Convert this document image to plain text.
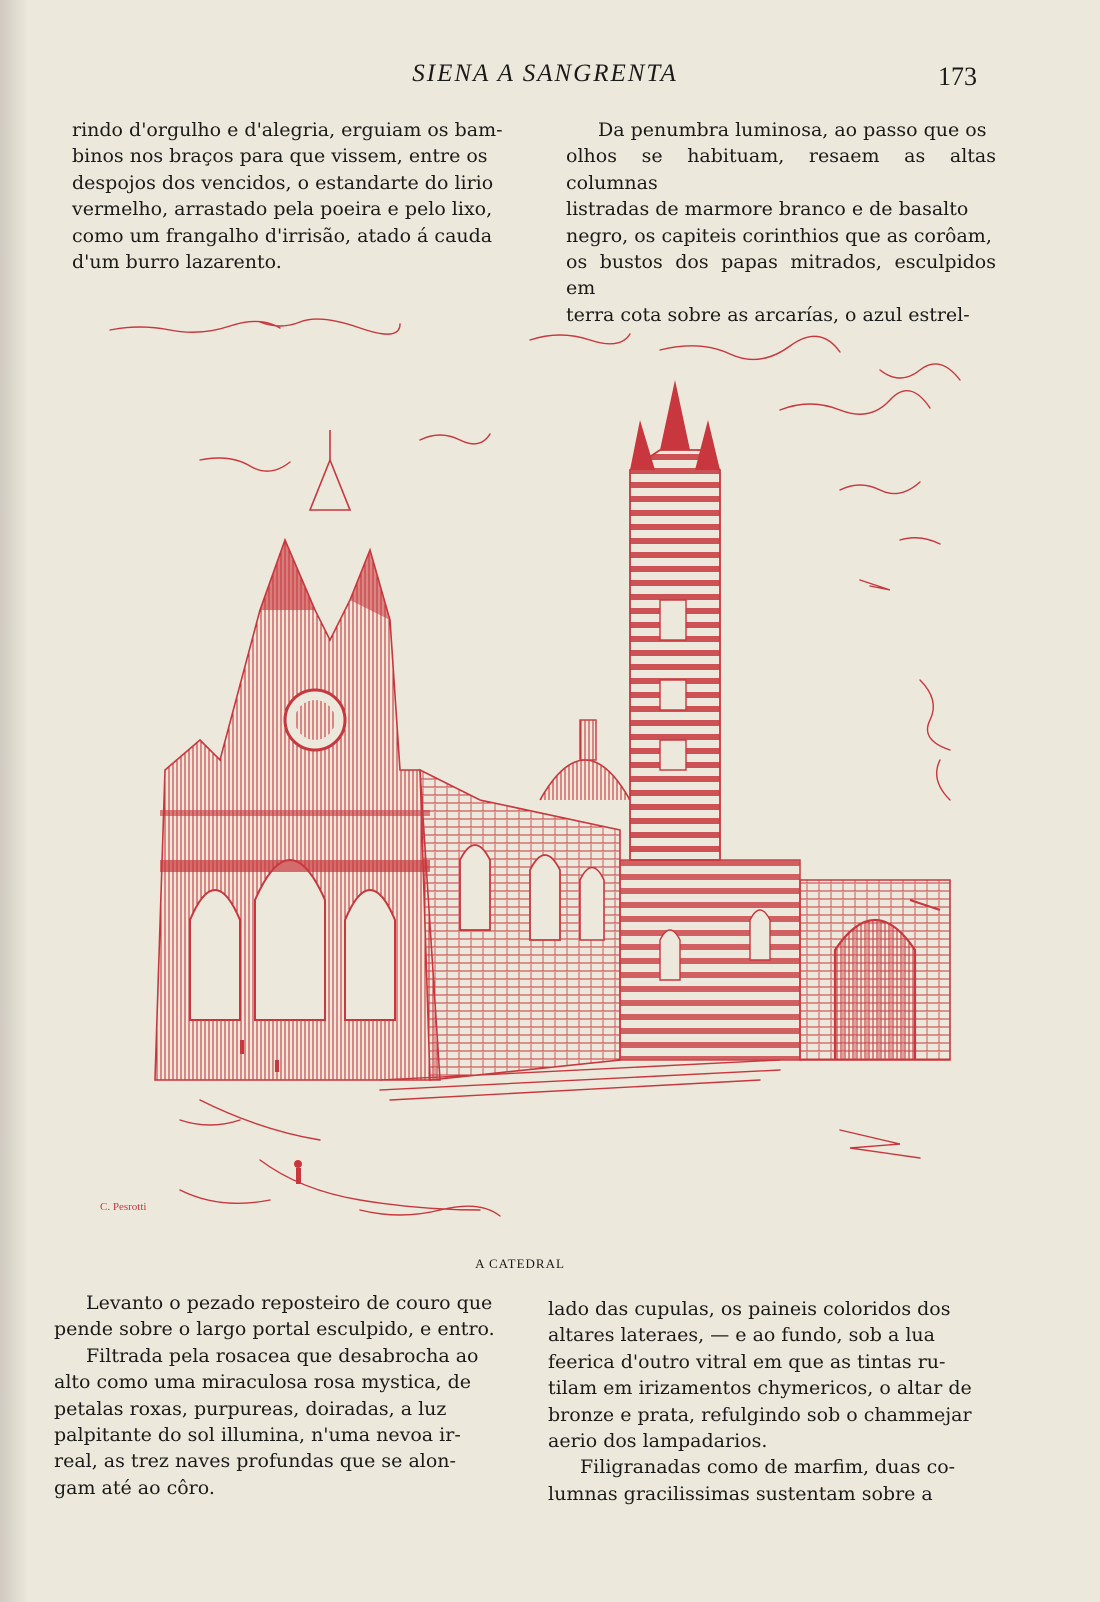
SIENA A SANGRENTA	173

rindo d'orgulho e d'alegria, erguiam os bam-

binos nos braços para que vissem, entre os

despojos dos vencidos, o estandarte do lirio

vermelho, arrastado pela poeira e pelo lixo,

como um frangalho d'irrisão, atado á cauda

d'um burro lazarento.

Da penumbra luminosa, ao passo que os

olhos se habituam, resaem as altas columnas

listradas de marmore branco e de basalto

negro, os capiteis corinthios que as corôam,

os bustos dos papas mitrados, esculpidos em

terra cota sobre as arcarías, o azul estrel-

C. Pesrotti
A CATEDRAL

Levanto o pezado reposteiro de couro que

pende sobre o largo portal esculpido, e entro.

Filtrada pela rosacea que desabrocha ao

alto como uma miraculosa rosa mystica, de

petalas roxas, purpureas, doiradas, a luz

palpitante do sol illumina, n'uma nevoa ir-

real, as trez naves profundas que se alon-

gam até ao côro.

lado das cupulas, os paineis coloridos dos

altares lateraes, — e ao fundo, sob a lua

feerica d'outro vitral em que as tintas ru-

tilam em irizamentos chymericos, o altar de

bronze e prata, refulgindo sob o chammejar

aerio dos lampadarios.

Filigranadas como de marfim, duas co-

lumnas gracilissimas sustentam sobre a
